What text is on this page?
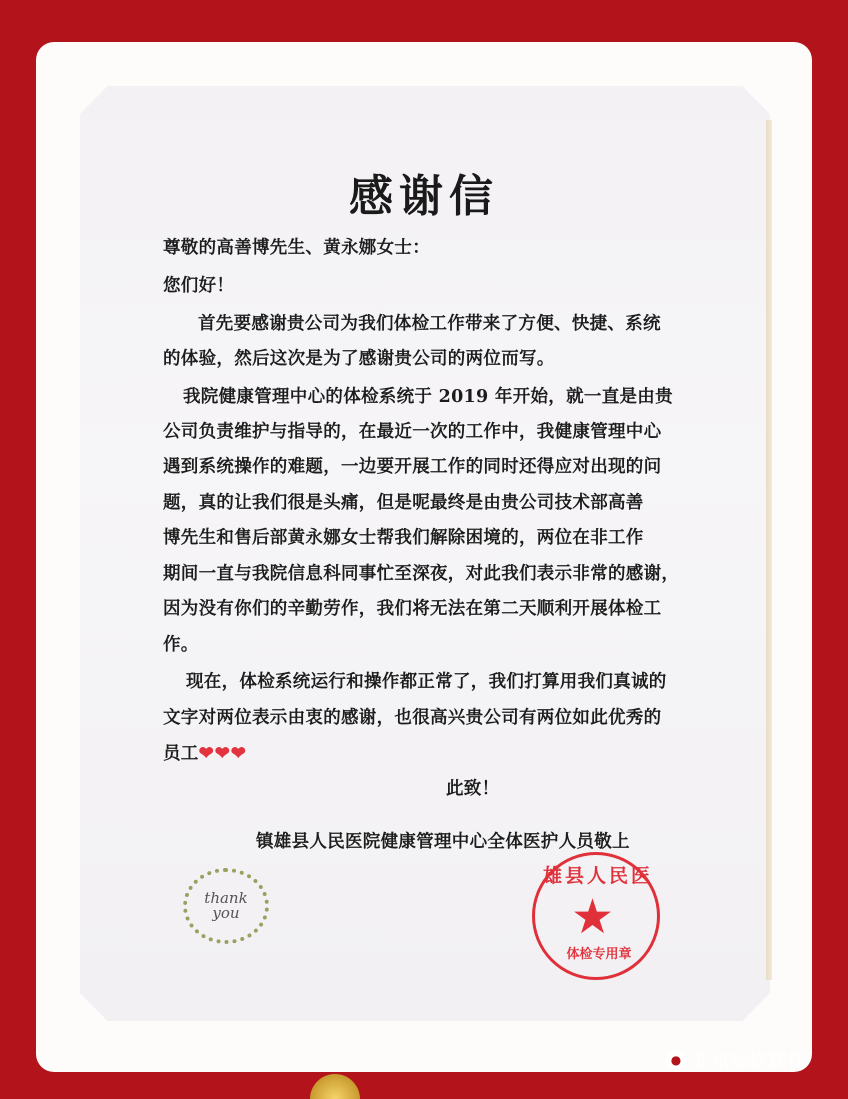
感谢信
尊敬的高善博先生、黄永娜女士：
您们好！
首先要感谢贵公司为我们体检工作带来了方便、快捷、系统
的体验，然后这次是为了感谢贵公司的两位而写。
我院健康管理中心的体检系统于 2019 年开始，就一直是由贵
公司负责维护与指导的，在最近一次的工作中，我健康管理中心
遇到系统操作的难题，一边要开展工作的同时还得应对出现的问
题，真的让我们很是头痛，但是呢最终是由贵公司技术部高善
博先生和售后部黄永娜女士帮我们解除困境的，两位在非工作
期间一直与我院信息科同事忙至深夜，对此我们表示非常的感谢，
因为没有你们的辛勤劳作，我们将无法在第二天顺利开展体检工
作。
现在，体检系统运行和操作都正常了，我们打算用我们真诚的
文字对两位表示由衷的感谢，也很高兴贵公司有两位如此优秀的
员工❤❤❤
此致！
镇雄县人民医院健康管理中心全体医护人员敬上
thank
you
雄县人民医
★
体检专用章
● 北京标软软件
